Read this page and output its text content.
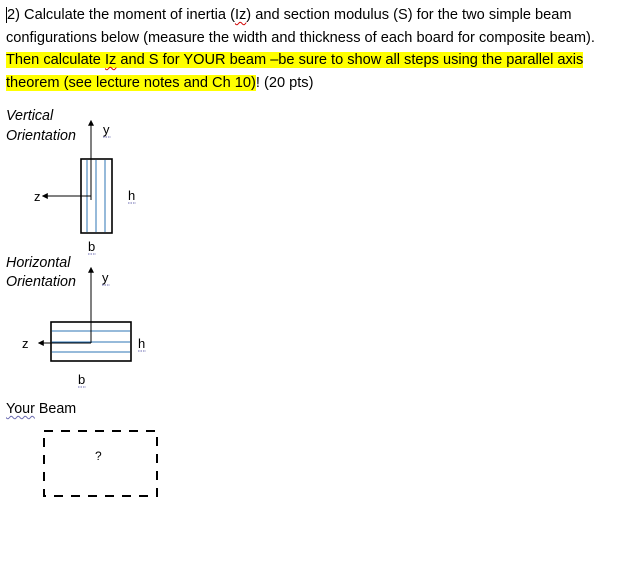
2) Calculate the moment of inertia (Iz) and section modulus (S) for the two simple beam
configurations below (measure the width and thickness of each board for composite beam).
Then calculate Iz and S for YOUR beam –be sure to show all steps using the parallel axis
theorem (see lecture notes and Ch 10)! (20 pts)
Vertical
Orientation
Horizontal
Orientation
Your Beam
y
z	h
b
y
z	h
b
?
